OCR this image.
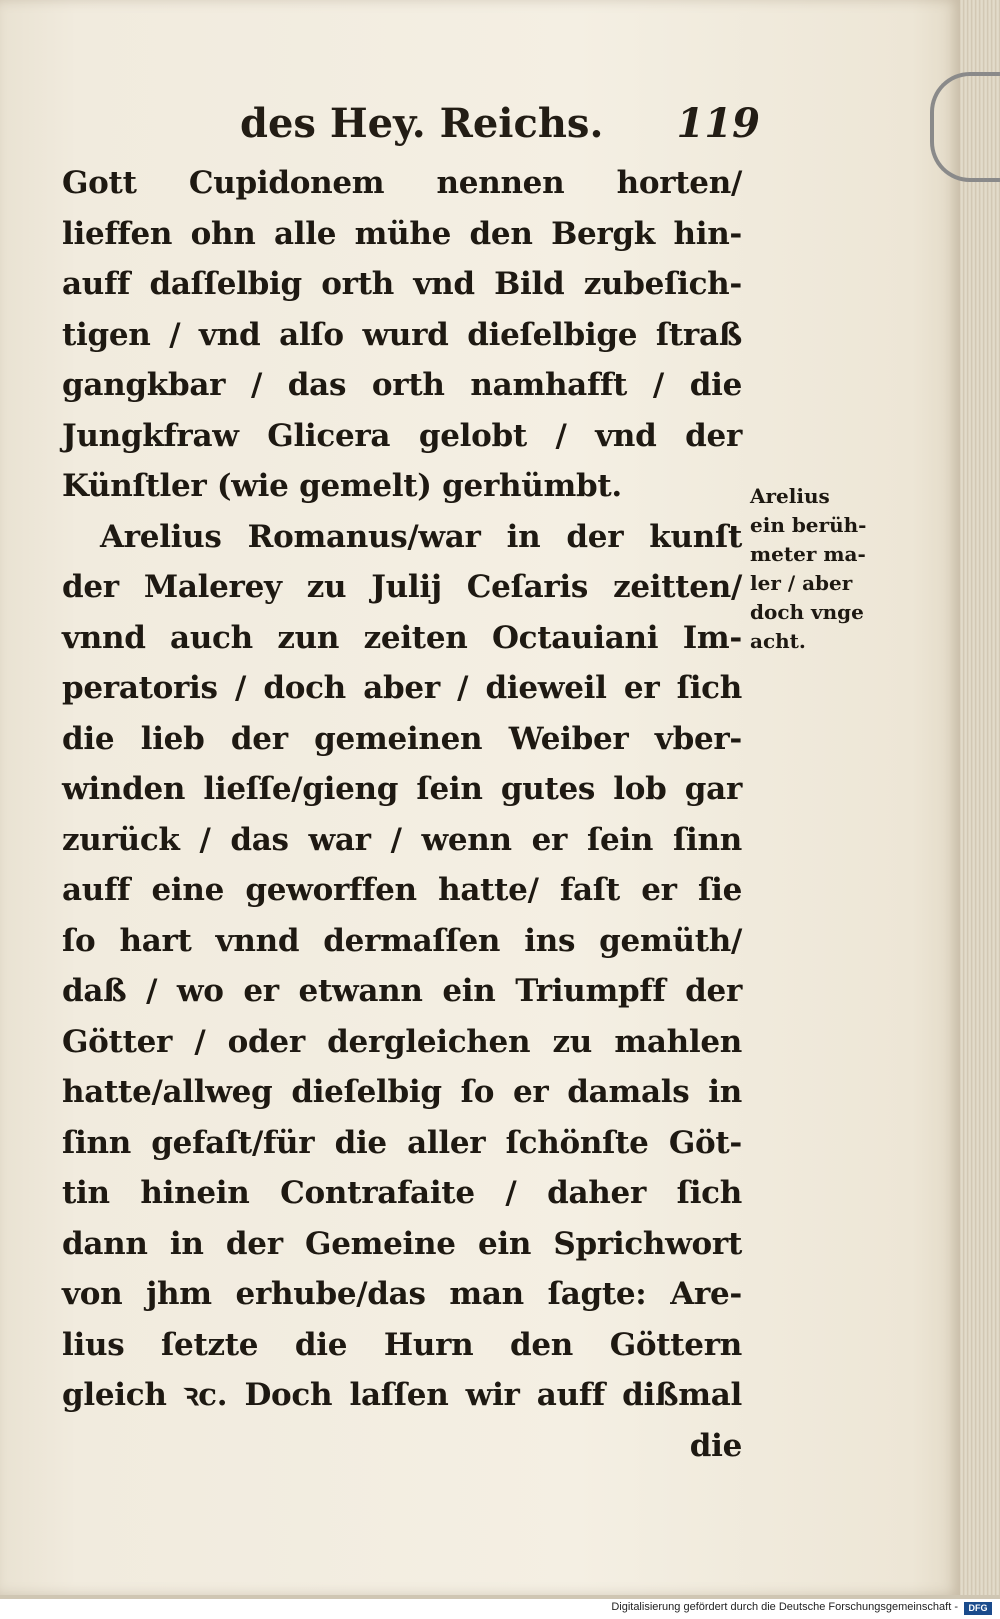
des Hey. Reichs. 119
Gott Cupidonem nennen horten/
lieffen ohn alle mühe den Bergk hin-
auff daſſelbig orth vnd Bild zubeſich-
tigen / vnd alſo wurd dieſelbige ſtraß
gangkbar / das orth namhafft / die
Jungkfraw Glicera gelobt / vnd der
Künſtler (wie gemelt) gerhümbt.
Arelius Romanus/war in der kunſt
der Malerey zu Julij Ceſaris zeitten/
vnnd auch zun zeiten Octauiani Im-
peratoris / doch aber / dieweil er ſich
die lieb der gemeinen Weiber vber-
winden lieſſe/gieng ſein gutes lob gar
zurück / das war / wenn er ſein ſinn
auff eine geworffen hatte/ faſt er ſie
ſo hart vnnd dermaſſen ins gemüth/
daß / wo er etwann ein Triumpff der
Götter / oder dergleichen zu mahlen
hatte/allweg dieſelbig ſo er damals in
ſinn gefaſt/für die aller ſchönſte Göt-
tin hinein Contrafaite / daher ſich
dann in der Gemeine ein Sprichwort
von jhm erhube/das man ſagte: Are-
lius ſetzte die Hurn den Göttern
gleich ꝛc. Doch laſſen wir auff dißmal
die
Arelius
ein berüh-
meter ma-
ler / aber
doch vnge
acht.
Digitalisierung gefördert durch die Deutsche Forschungsgemeinschaft -	DFG
